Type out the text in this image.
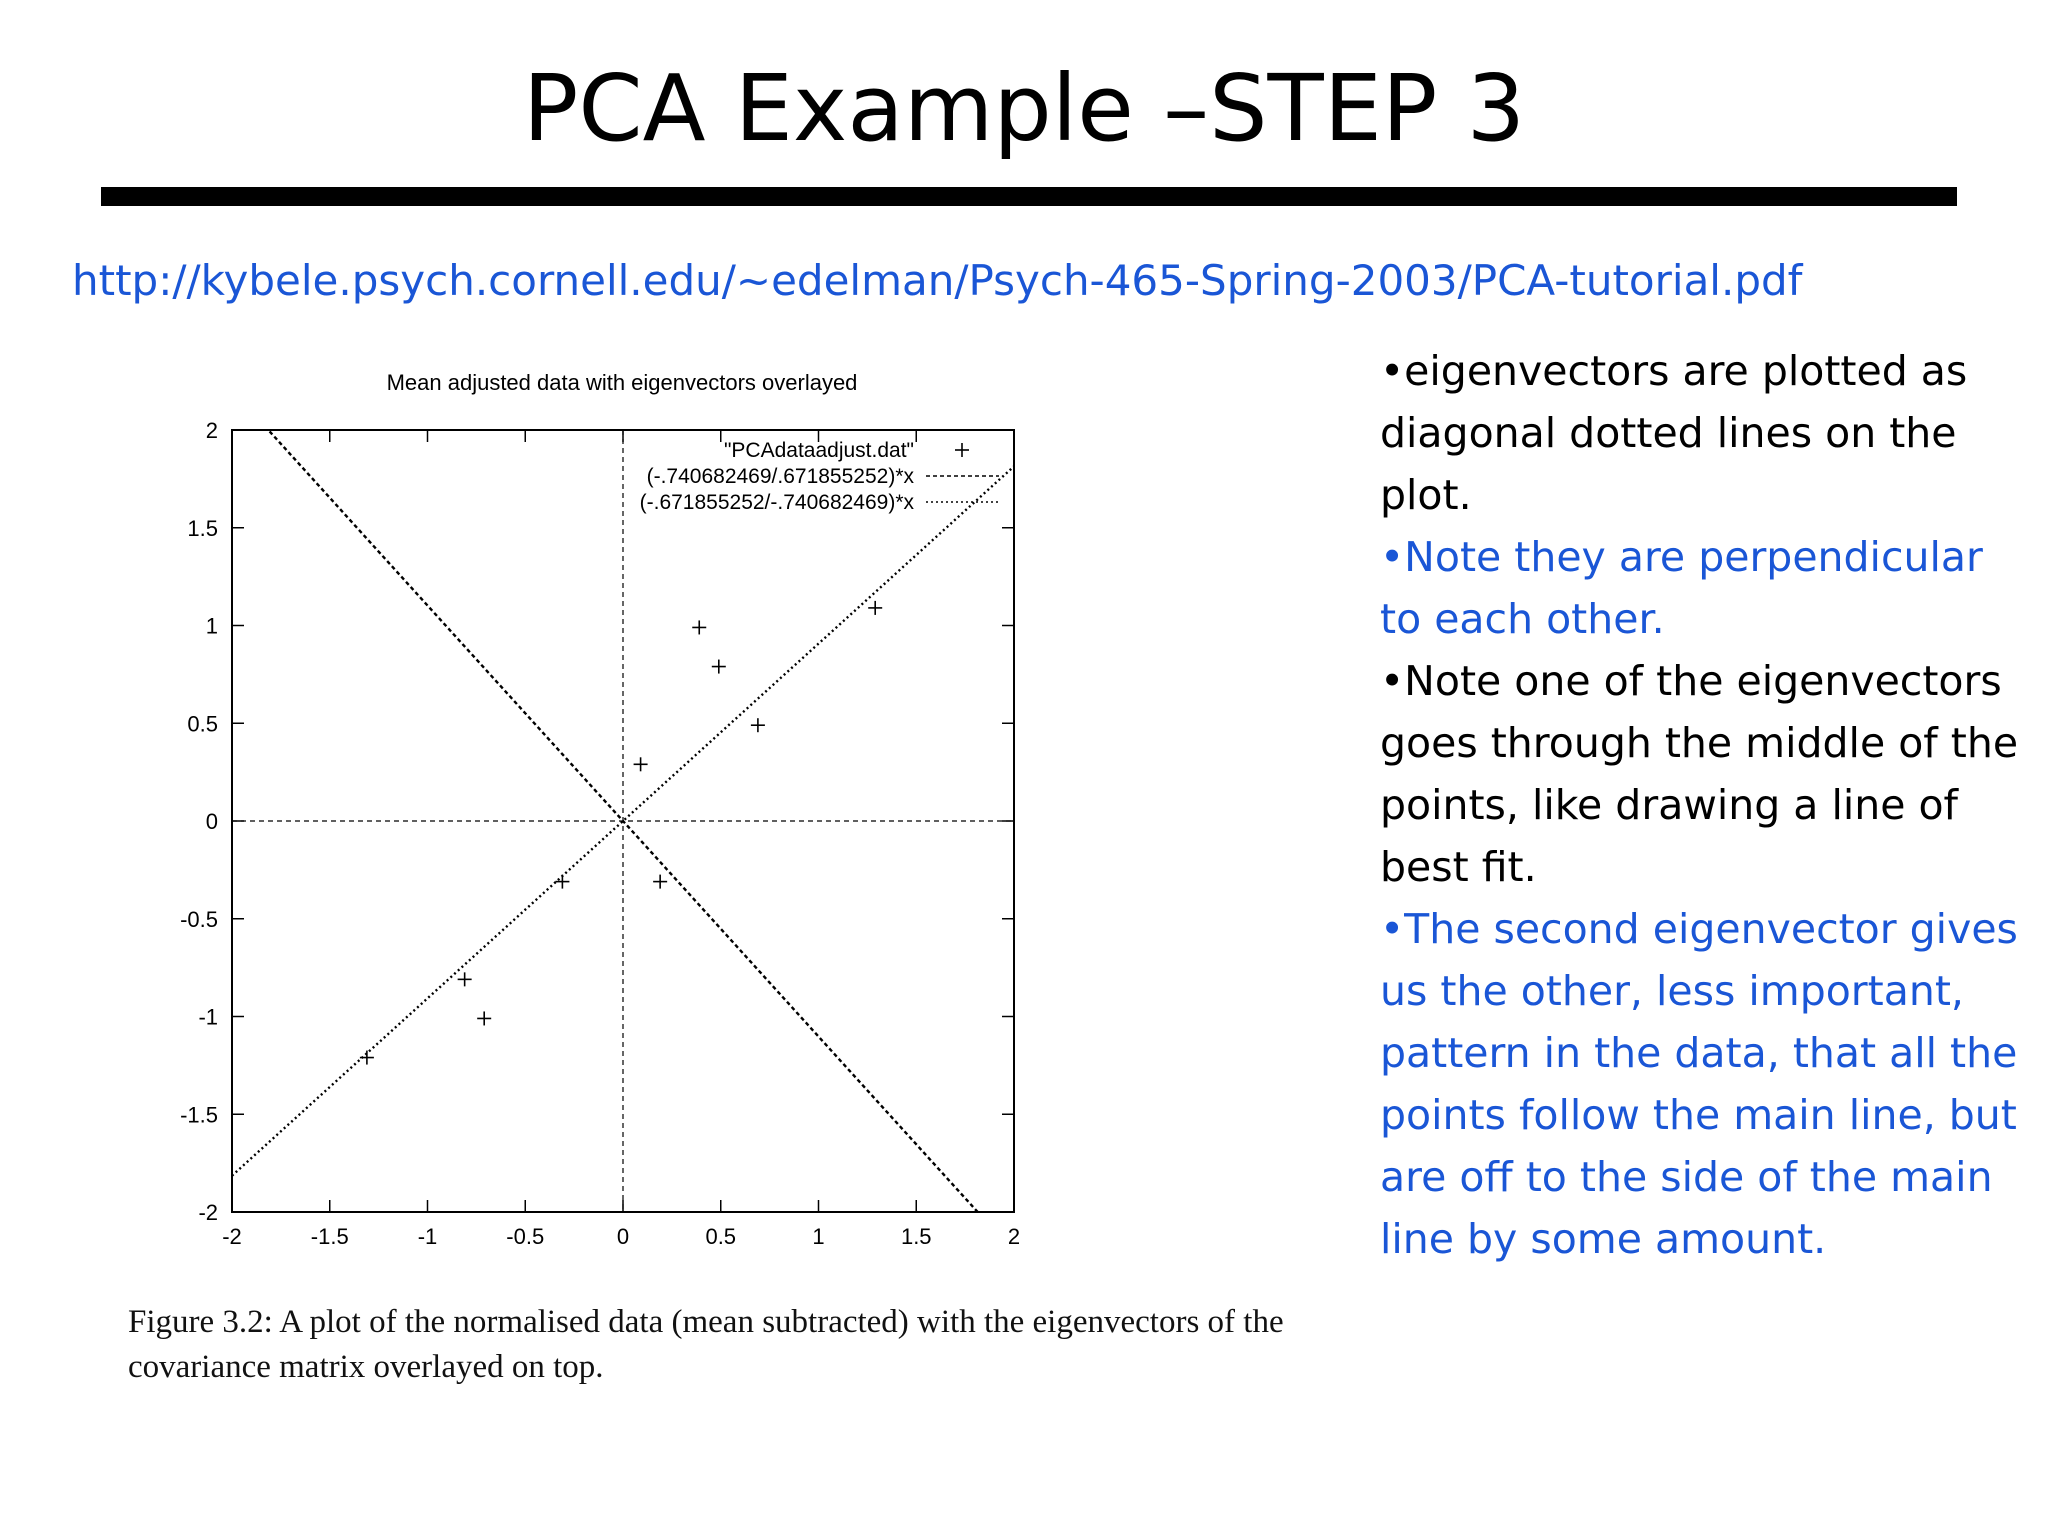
PCA Example –STEP 3
http://kybele.psych.cornell.edu/~edelman/Psych-465-Spring-2003/PCA-tutorial.pdf
Mean adjusted data with eigenvectors overlayed
-2	-1.5	-1	-0.5	0	0.5	1	1.5	2
2
1.5
1
0.5
0
-0.5
-1
-1.5
-2
"PCAdataadjust.dat"
(-.740682469/.671855252)*x
(-.671855252/-.740682469)*x
Figure 3.2: A plot of the normalised data (mean subtracted) with the eigenvectors of the covariance matrix overlayed on top.

•eigenvectors are plotted as diagonal dotted lines on the plot.

•Note they are perpendicular to each other.

•Note one of the eigenvectors goes through the middle of the points, like drawing a line of best fit.

•The second eigenvector gives us the other, less important, pattern in the data, that all the points follow the main line, but are off to the side of the main line by some amount.
